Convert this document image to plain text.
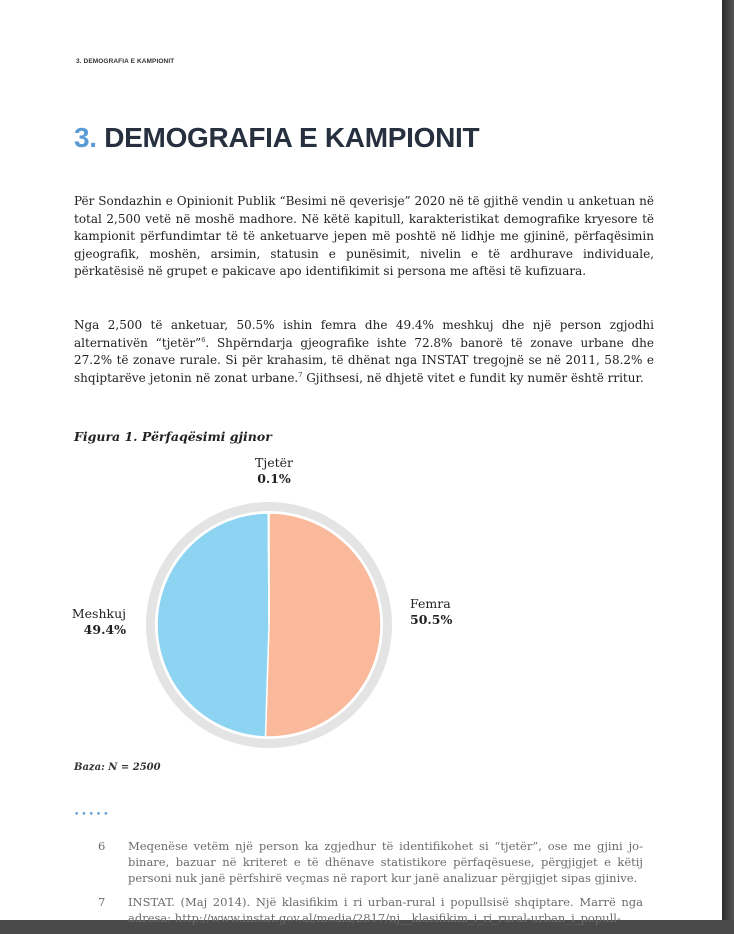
3. DEMOGRAFIA E KAMPIONIT
3. DEMOGRAFIA E KAMPIONIT

Për Sondazhin e Opinionit Publik “Besimi në qeverisje” 2020 në të gjithë vendin u anketuan në total 2,500 vetë në moshë madhore. Në këtë kapitull, karakteristikat demografike kryesore të kampionit përfundimtar të të anketuarve jepen më poshtë në lidhje me gjininë, përfaqësimin gjeografik, moshën, arsimin, statusin e punësimit, nivelin e të ardhurave individuale, përkatësisë në grupet e pakicave apo identifikimit si persona me aftësi të kufizuara.

Nga 2,500 të anketuar, 50.5% ishin femra dhe 49.4% meshkuj dhe një person zgjodhi alternativën “tjetër”$^6$. Shpërndarja gjeografike ishte 72.8% banorë të zonave urbane dhe 27.2% të zonave rurale. Si për krahasim, të dhënat nga INSTAT tregojnë se në 2011, 58.2% e shqiptarëve jetonin në zonat urbane.$^7$ Gjithsesi, në dhjetë vitet e fundit ky numër është rritur.

Figura 1. Përfaqësimi gjinor
Tjetër
0.1%
Meshkuj
49.4%
Femra
50.5%
Baza: N = 2500
•••••
6	Meqenëse vetëm një person ka zgjedhur të identifikohet si “tjetër”, ose me gjini jo-binare, bazuar në kriteret e të dhënave statistikore përfaqësuese, përgjigjet e këtij personi nuk janë përfshirë veçmas në raport kur janë analizuar përgjigjet sipas gjinive.
7	INSTAT. (Maj 2014). Një klasifikim i ri urban-rural i popullsisë shqiptare. Marrë nga adresa: http://www.instat.gov.al/media/2817/nj__klasifikim_i_ri_rural-urban_i_popull-
